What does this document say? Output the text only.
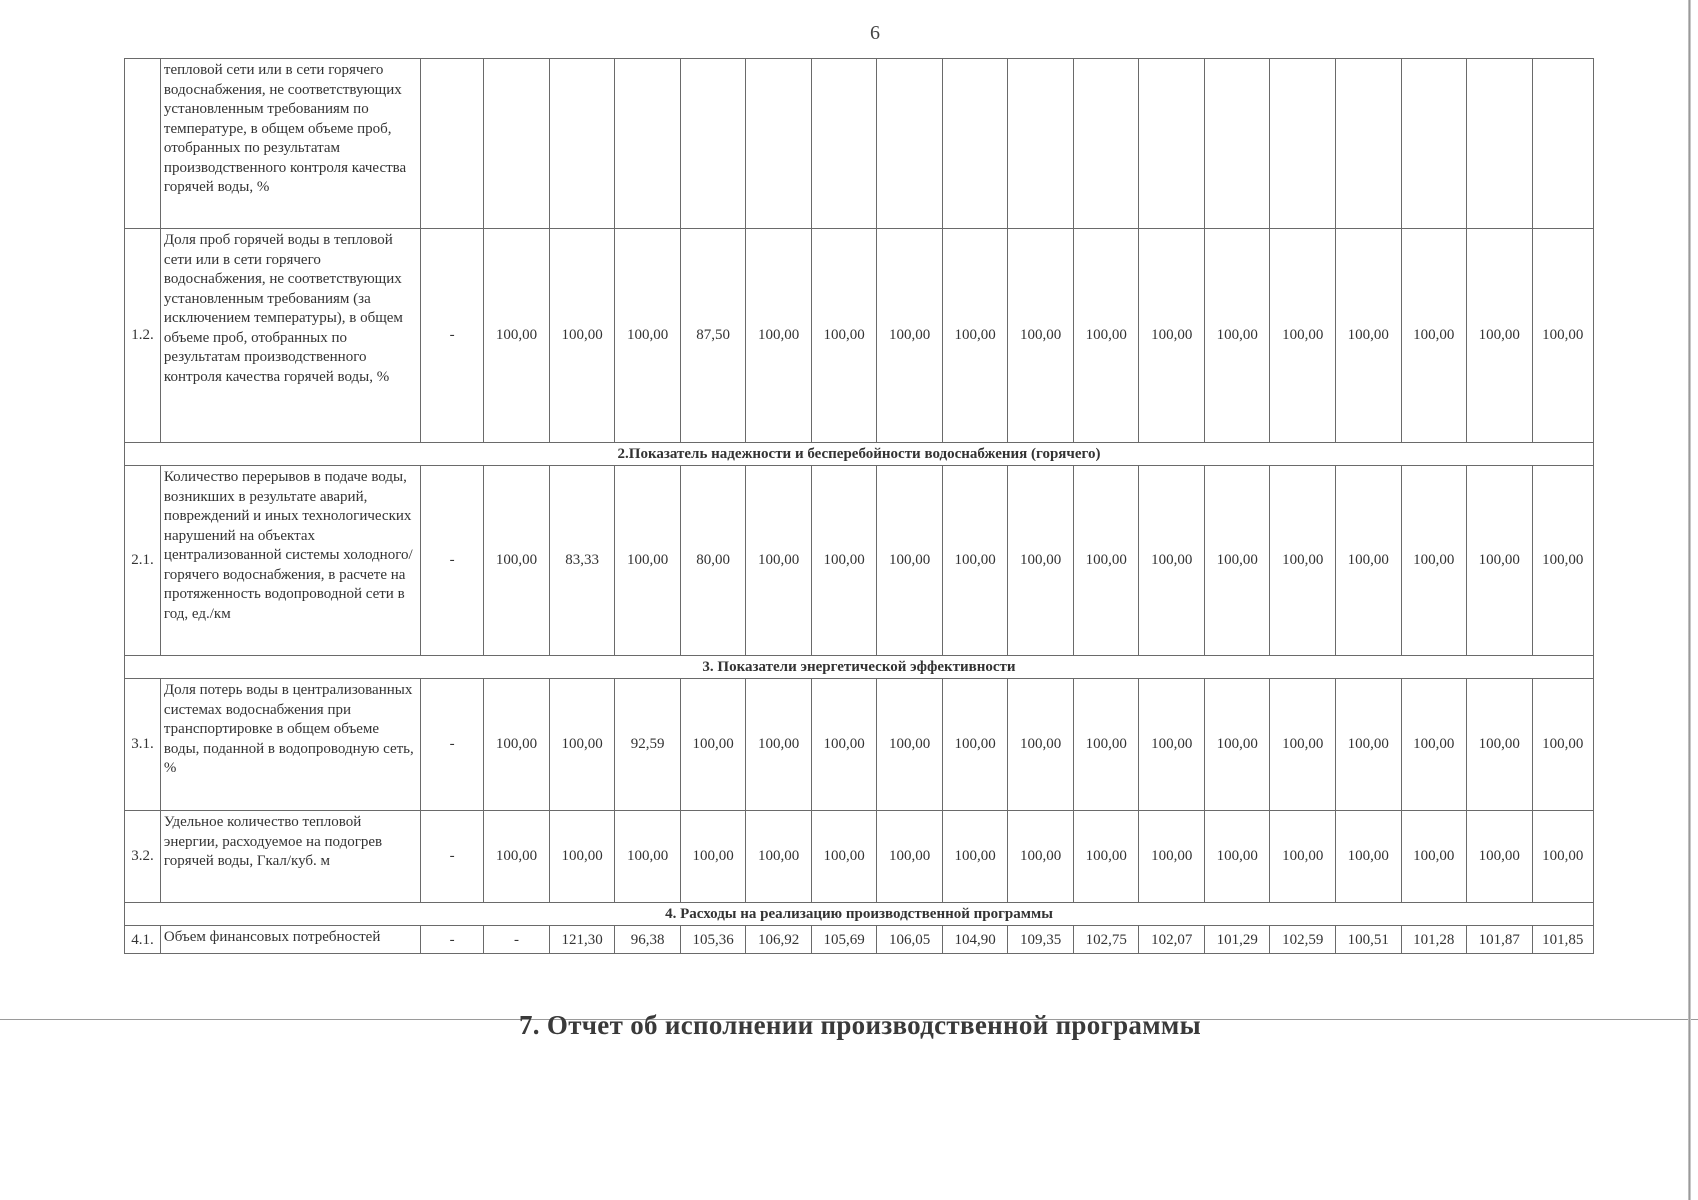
6
	тепловой сети или в сети горячего водоснабжения, не соответствующих установленным требованиям по температуре, в общем объеме проб, отобранных по результатам производственного контроля качества горячей воды, %																		
1.2.	Доля проб горячей воды в тепловой сети или в сети горячего водоснабжения, не соответствующих установленным требованиям (за исключением температуры), в общем объеме проб, отобранных по результатам производственного контроля качества горячей воды, %	-	100,00	100,00	100,00	87,50	100,00	100,00	100,00	100,00	100,00	100,00	100,00	100,00	100,00	100,00	100,00	100,00	100,00
2.Показатель надежности и бесперебойности водоснабжения (горячего)																			
2.1.	Количество перерывов в подаче воды, возникших в результате аварий, повреждений и иных технологических нарушений на объектах централизованной системы холодного/горячего водоснабжения, в расчете на протяженность водопроводной сети в год, ед./км	-	100,00	83,33	100,00	80,00	100,00	100,00	100,00	100,00	100,00	100,00	100,00	100,00	100,00	100,00	100,00	100,00	100,00
3. Показатели энергетической эффективности																			
3.1.	Доля потерь воды в централизованных системах водоснабжения при транспортировке в общем объеме воды, поданной в водопроводную сеть, %	-	100,00	100,00	92,59	100,00	100,00	100,00	100,00	100,00	100,00	100,00	100,00	100,00	100,00	100,00	100,00	100,00	100,00
3.2.	Удельное количество тепловой энергии, расходуемое на подогрев горячей воды, Гкал/куб. м	-	100,00	100,00	100,00	100,00	100,00	100,00	100,00	100,00	100,00	100,00	100,00	100,00	100,00	100,00	100,00	100,00	100,00
4. Расходы на реализацию производственной программы																			
4.1.	Объем финансовых потребностей	-	-	121,30	96,38	105,36	106,92	105,69	106,05	104,90	109,35	102,75	102,07	101,29	102,59	100,51	101,28	101,87	101,85
7. Отчет об исполнении производственной программы
